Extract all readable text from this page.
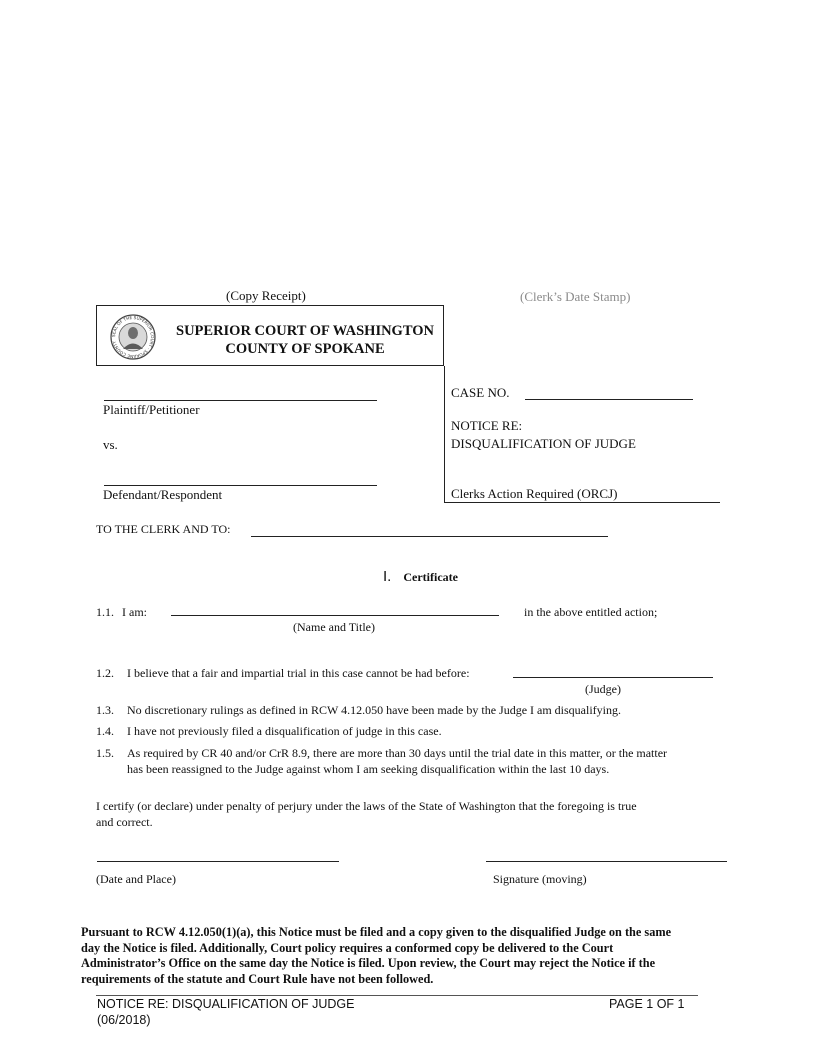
(Copy Receipt)	(Clerk’s Date Stamp)
SEAL OF THE SUPERIOR COURT · SPOKANE COUNTY
SUPERIOR COURT OF WASHINGTON
COUNTY OF SPOKANE
Plaintiff/Petitioner
vs.
Defendant/Respondent
CASE NO.
NOTICE RE:
DISQUALIFICATION OF JUDGE
Clerks Action Required (ORCJ)
TO THE CLERK AND TO:
I. Certificate
1.1. I am:	in the above entitled action;
(Name and Title)
1.2. I believe that a fair and impartial trial in this case cannot be had before:
(Judge)
1.3. No discretionary rulings as defined in RCW 4.12.050 have been made by the Judge I am disqualifying.
1.4. I have not previously filed a disqualification of judge in this case.
1.5. As required by CR 40 and/or CrR 8.9, there are more than 30 days until the trial date in this matter, or the matter
has been reassigned to the Judge against whom I am seeking disqualification within the last 10 days.
I certify (or declare) under penalty of perjury under the laws of the State of Washington that the foregoing is true
and correct.
(Date and Place)	Signature (moving)
Pursuant to RCW 4.12.050(1)(a), this Notice must be filed and a copy given to the disqualified Judge on the same
day the Notice is filed. Additionally, Court policy requires a conformed copy be delivered to the Court
Administrator’s Office on the same day the Notice is filed. Upon review, the Court may reject the Notice if the
requirements of the statute and Court Rule have not been followed.
NOTICE RE: DISQUALIFICATION OF JUDGE	PAGE 1 OF 1
(06/2018)
